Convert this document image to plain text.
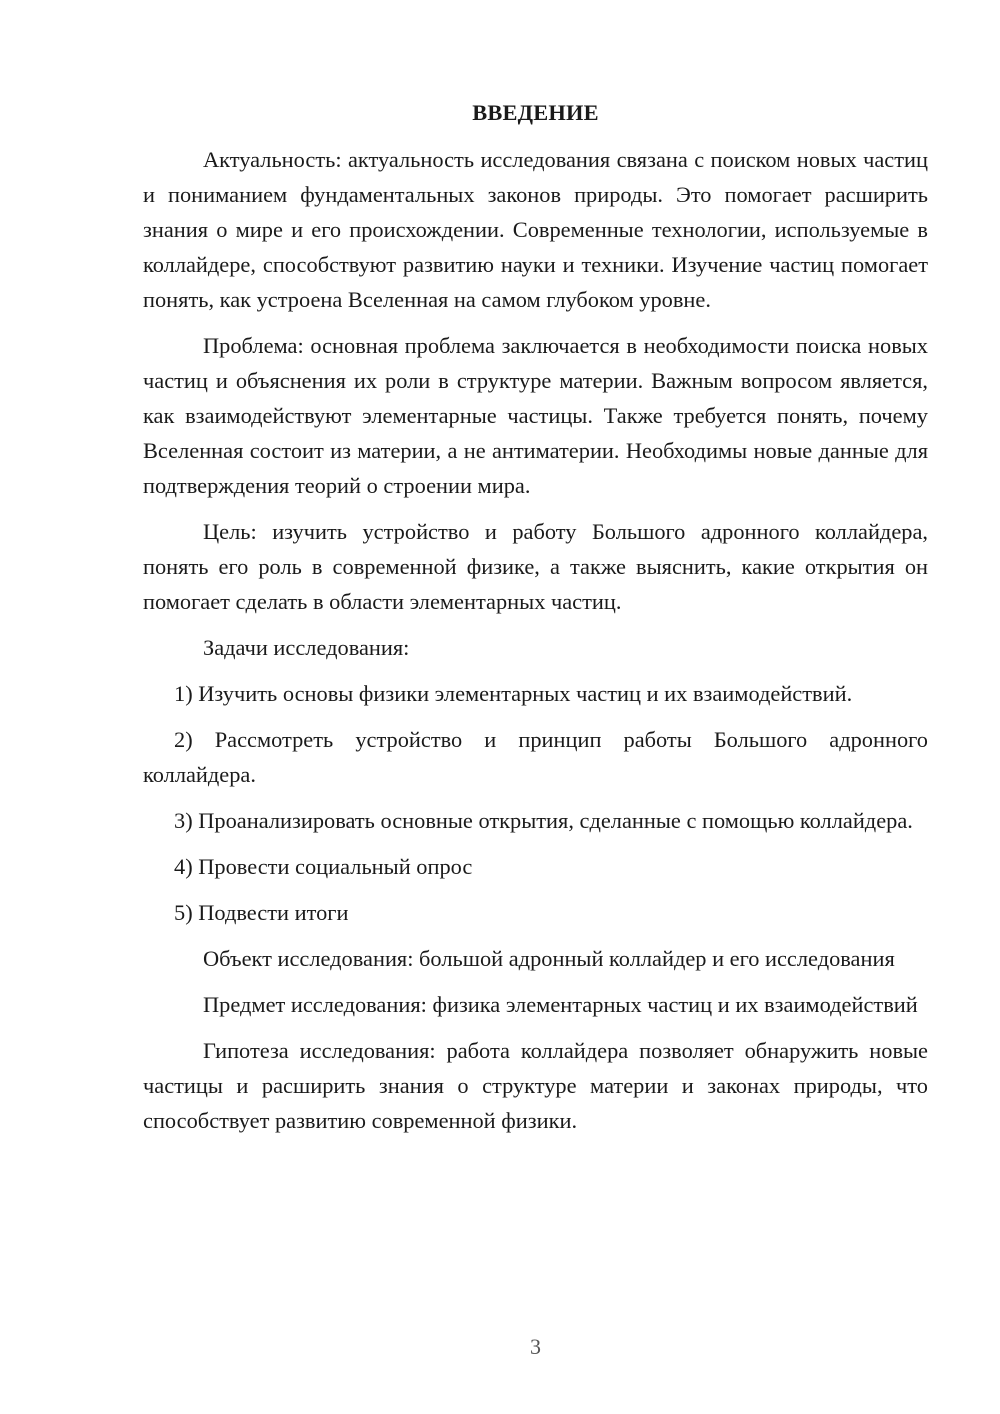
ВВЕДЕНИЕ

Актуальность: актуальность исследования связана с поиском новых частиц и пониманием фундаментальных законов природы. Это помогает расширить знания о мире и его происхождении. Современные технологии, используемые в коллайдере, способствуют развитию науки и техники. Изучение частиц помогает понять, как устроена Вселенная на самом глубоком уровне.

Проблема: основная проблема заключается в необходимости поиска новых частиц и объяснения их роли в структуре материи. Важным вопросом является, как взаимодействуют элементарные частицы. Также требуется понять, почему Вселенная состоит из материи, а не антиматерии. Необходимы новые данные для подтверждения теорий о строении мира.

Цель: изучить устройство и работу Большого адронного коллайдера, понять его роль в современной физике, а также выяснить, какие открытия он помогает сделать в области элементарных частиц.

Задачи исследования:

1) Изучить основы физики элементарных частиц и их взаимодействий.

2) Рассмотреть устройство и принцип работы Большого адронного коллайдера.

3) Проанализировать основные открытия, сделанные с помощью коллайдера.

4) Провести социальный опрос

5) Подвести итоги

Объект исследования: большой адронный коллайдер и его исследования

Предмет исследования: физика элементарных частиц и их взаимодействий

Гипотеза исследования: работа коллайдера позволяет обнаружить новые частицы и расширить знания о структуре материи и законах природы, что способствует развитию современной физики.

3
